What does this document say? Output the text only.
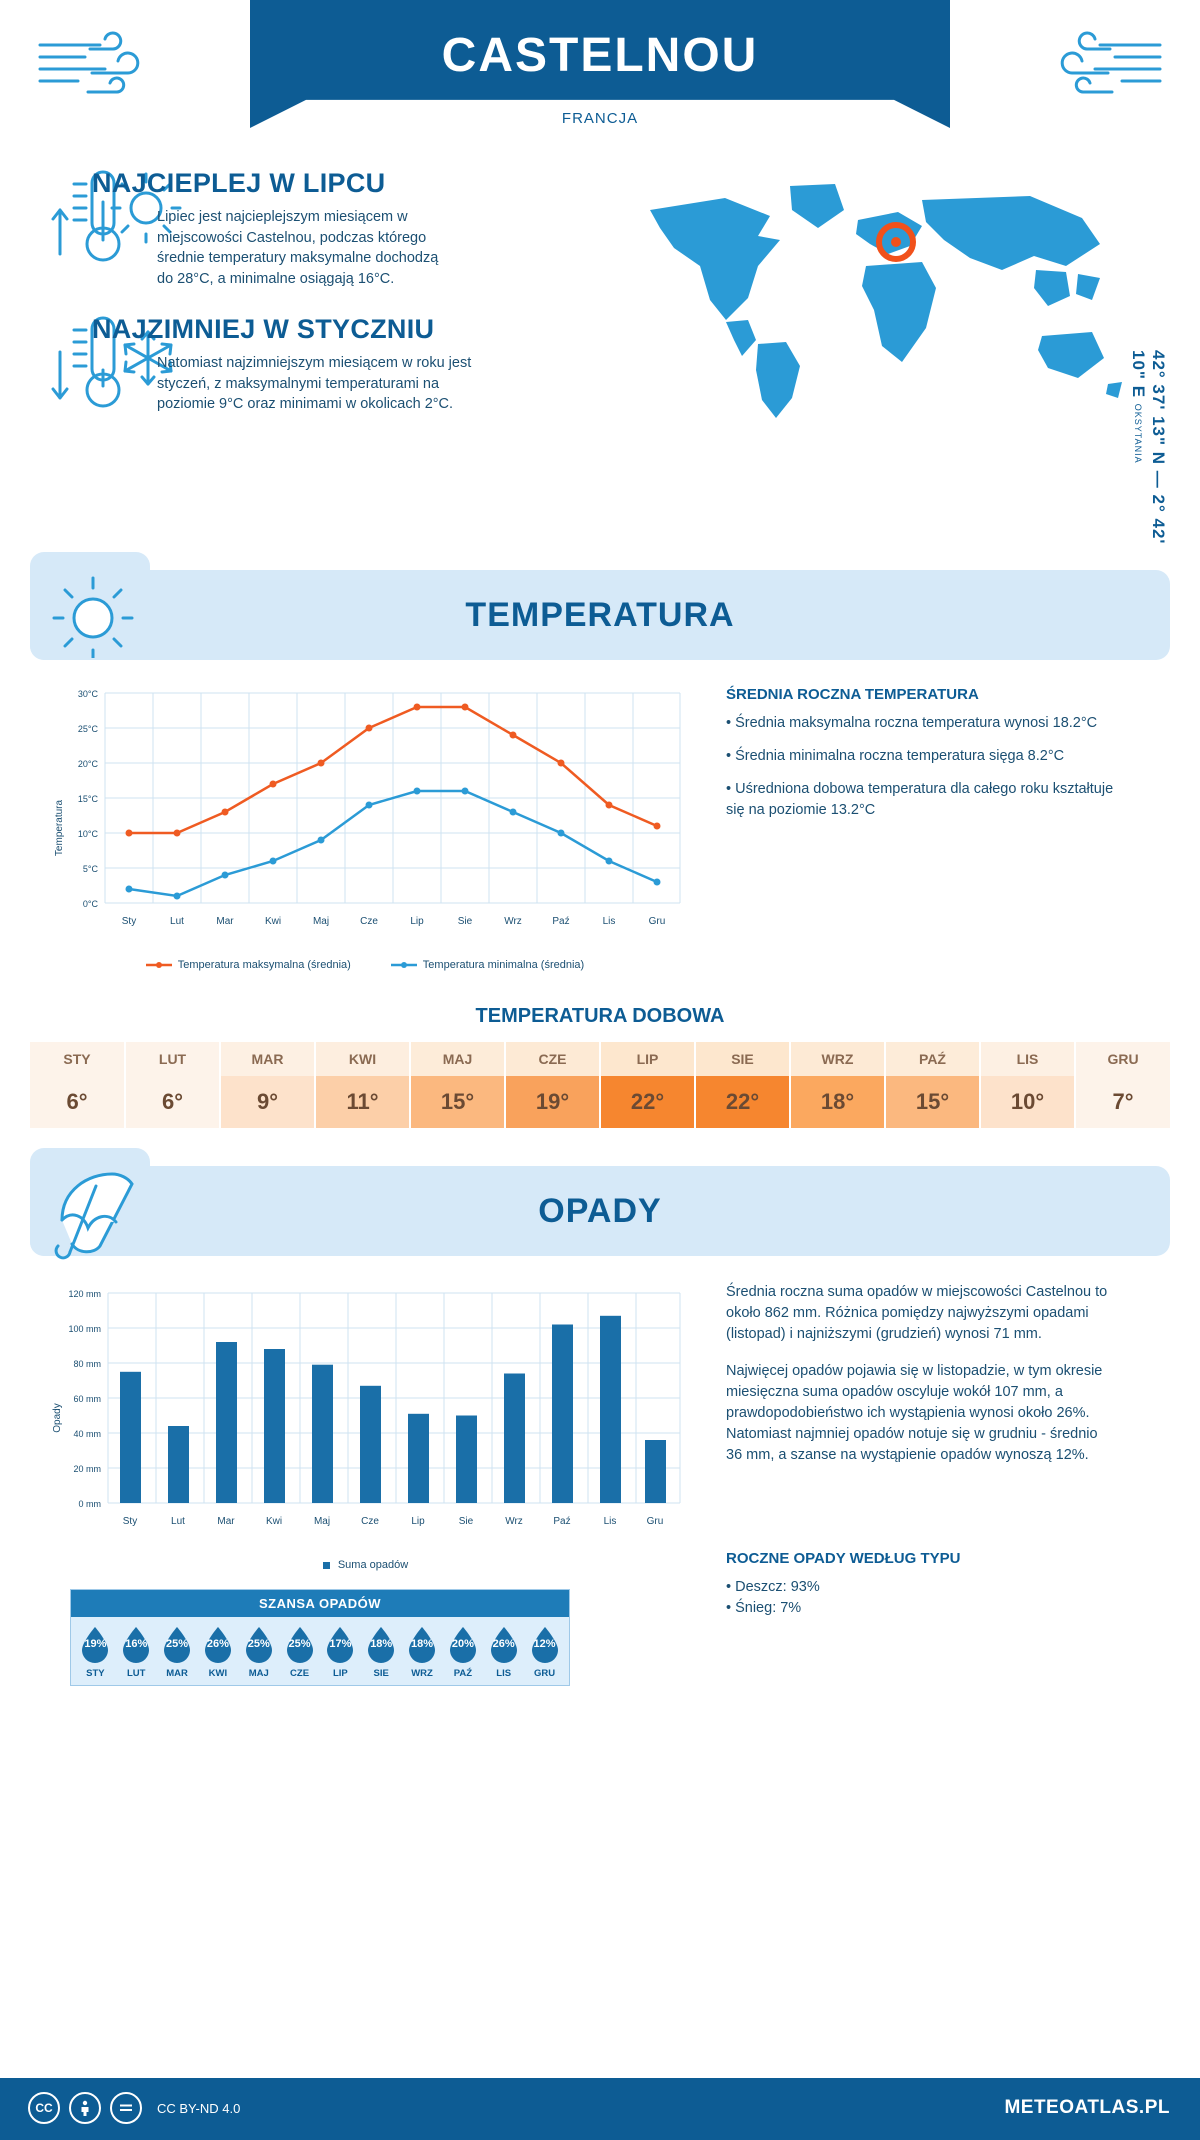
CASTELNOU
FRANCJA
NAJCIEPLEJ W LIPCU
Lipiec jest najcieplejszym miesiącem w miejscowości Castelnou, podczas którego średnie temperatury maksymalne dochodzą do 28°C, a minimalne osiągają 16°C.
NAJZIMNIEJ W STYCZNIU
Natomiast najzimniejszym miesiącem w roku jest styczeń, z maksymalnymi temperaturami na poziomie 9°C oraz minimami w okolicach 2°C.	42° 37' 13" N — 2° 42' 10" E OKSYTANIA
TEMPERATURA
30°C
25°C
20°C
15°C
10°C
5°C
0°C
Temperatura
Sty	Lut	Mar	Kwi	Maj	Cze	Lip	Sie	Wrz	Paź	Lis	Gru
Temperatura maksymalna (średnia)	Temperatura minimalna (średnia)
ŚREDNIA ROCZNA TEMPERATURA
• Średnia maksymalna roczna temperatura wynosi 18.2°C
• Średnia minimalna roczna temperatura sięga 8.2°C
• Uśredniona dobowa temperatura dla całego roku kształtuje się na poziomie 13.2°C
TEMPERATURA DOBOWA
STY	LUT	MAR	KWI	MAJ	CZE	LIP	SIE	WRZ	PAŹ	LIS	GRU
6°	6°	9°	11°	15°	19°	22°	22°	18°	15°	10°	7°
OPADY
120 mm
100 mm
80 mm
60 mm
40 mm
20 mm
0 mm
Opady
Sty	Lut	Mar	Kwi	Maj	Cze	Lip	Sie	Wrz	Paź	Lis	Gru
Suma opadów
SZANSA OPADÓW
19%
STY
16%
LUT
25%
MAR
26%
KWI
25%
MAJ
25%
CZE
17%
LIP
18%
SIE
18%
WRZ
20%
PAŹ
26%
LIS
12%
GRU
Średnia roczna suma opadów w miejscowości Castelnou to około 862 mm. Różnica pomiędzy najwyższymi opadami (listopad) i najniższymi (grudzień) wynosi 71 mm.
Najwięcej opadów pojawia się w listopadzie, w tym okresie miesięczna suma opadów oscyluje wokół 107 mm, a prawdopodobieństwo ich wystąpienia wynosi około 26%. Natomiast najmniej opadów notuje się w grudniu - średnio 36 mm, a szanse na wystąpienie opadów wynoszą 12%.
ROCZNE OPADY WEDŁUG TYPU
• Deszcz: 93%
• Śnieg: 7%
CC	CC BY-ND 4.0	METEOATLAS.PL
